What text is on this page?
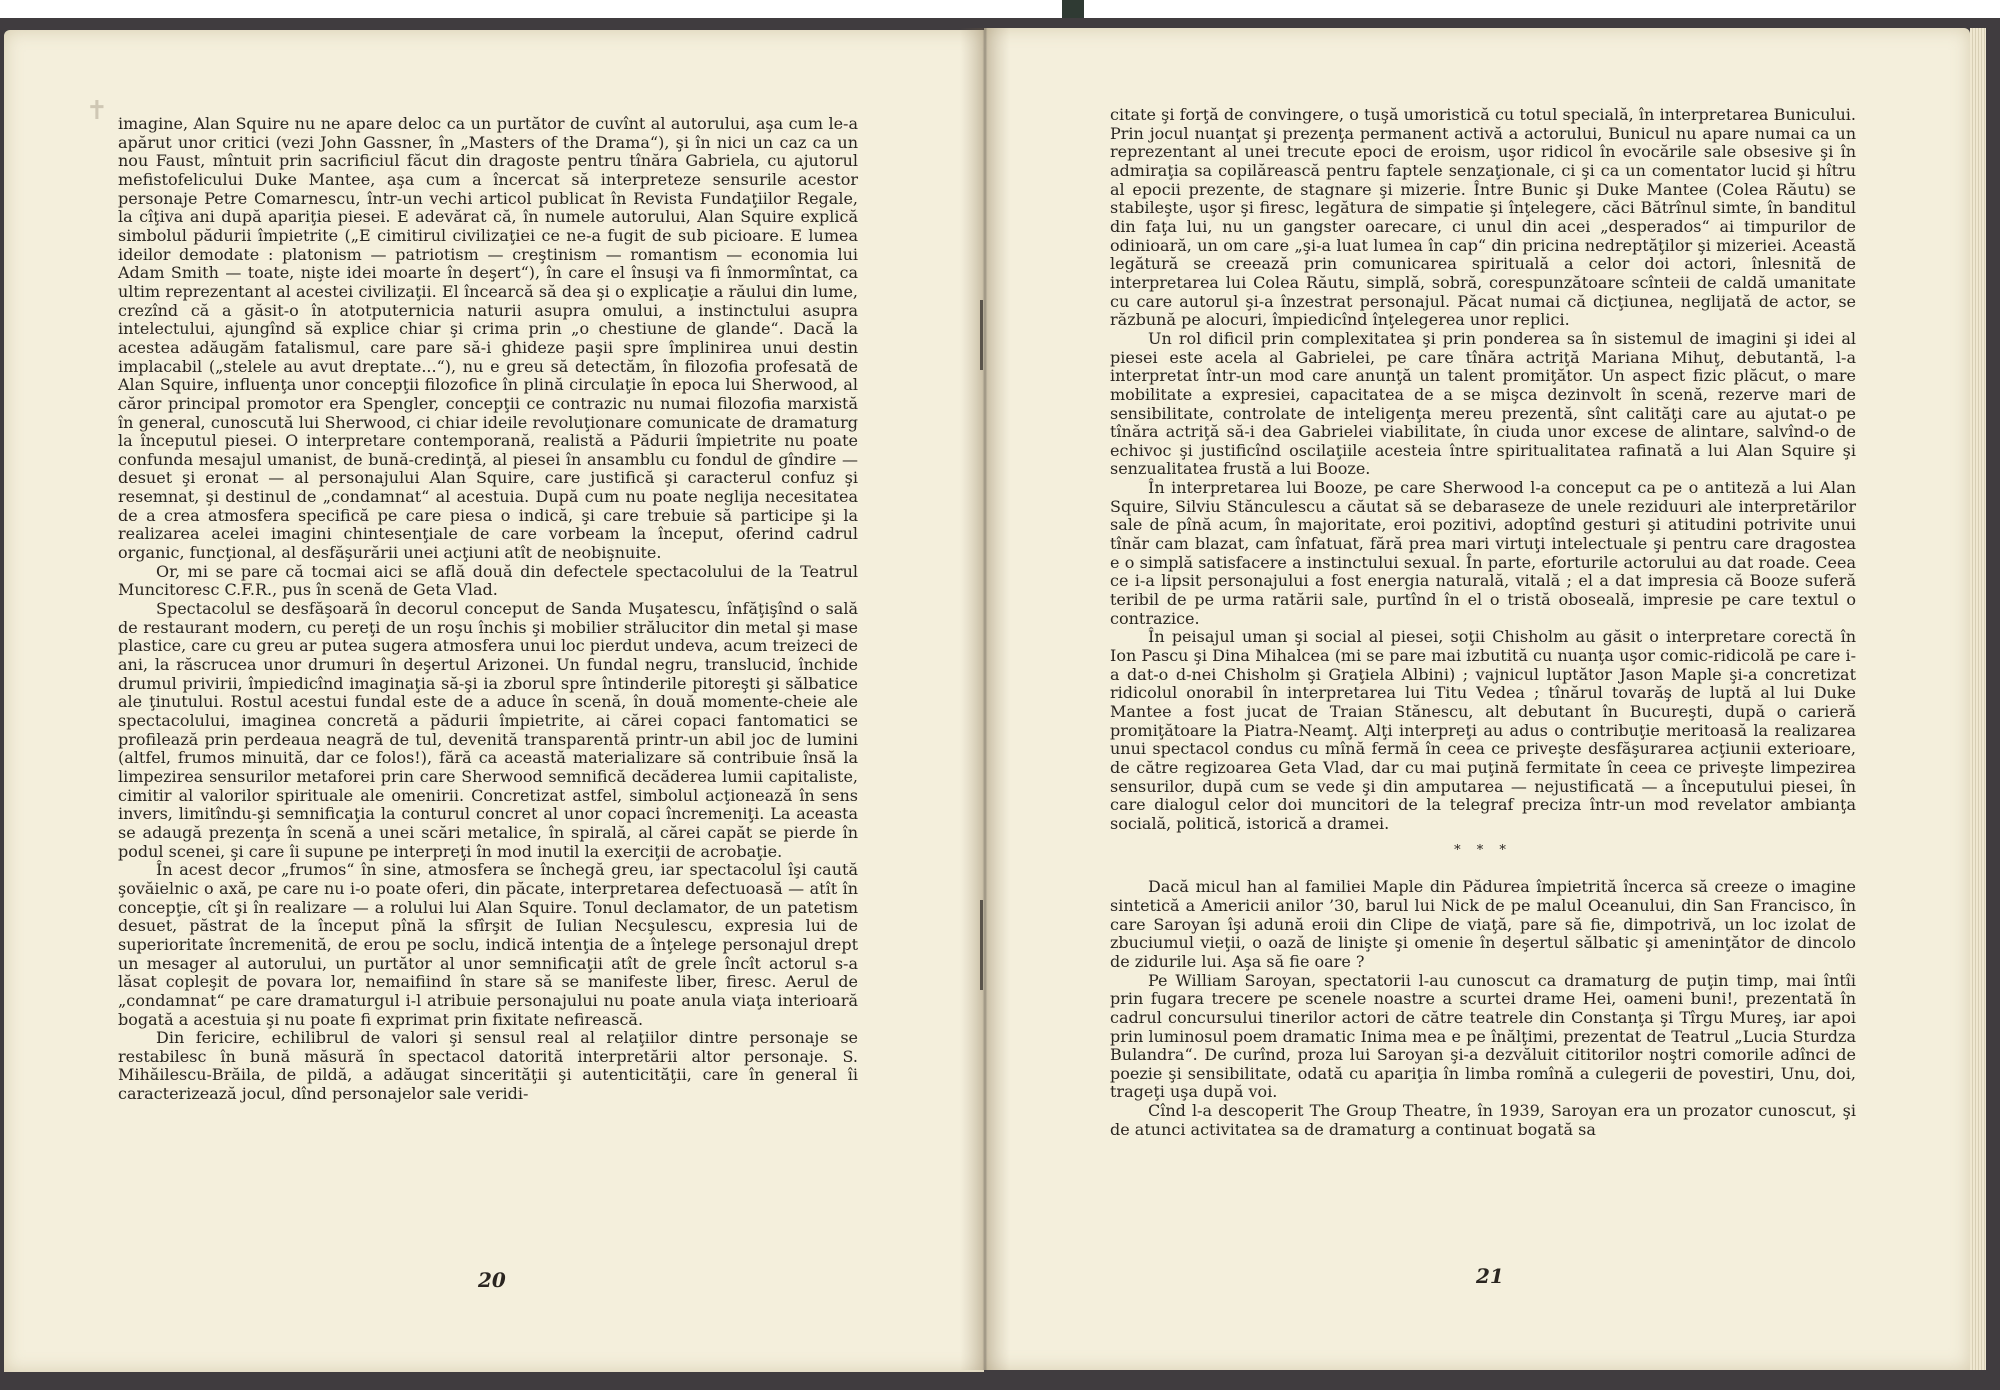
✝ imagine, Alan Squire nu ne apare deloc ca un purtător de cuvînt al autorului, aşa cum le-a apărut unor critici (vezi John Gassner, în „Masters of the Drama“), şi în nici un caz ca un nou Faust, mîntuit prin sacrificiul făcut din dragoste pentru tînăra Gabriela, cu ajutorul mefistofelicului Duke Mantee, aşa cum a încercat să interpreteze sensurile acestor personaje Petre Comarnescu, într-un vechi articol publicat în Revista Fundaţiilor Regale, la cîţiva ani după apariţia piesei. E adevărat că, în numele autorului, Alan Squire explică simbolul pădurii împietrite („E cimitirul civilizaţiei ce ne-a fugit de sub picioare. E lumea ideilor demodate : platonism — patriotism — creştinism — romantism — economia lui Adam Smith — toate, nişte idei moarte în deşert“), în care el însuşi va fi înmormîntat, ca ultim reprezentant al acestei civilizaţii. El încearcă să dea şi o explicaţie a răului din lume, crezînd că a găsit-o în atotputernicia naturii asupra omului, a instinctului asupra intelectului, ajungînd să explice chiar şi crima prin „o chestiune de glande“. Dacă la acestea adăugăm fatalismul, care pare să-i ghideze paşii spre împlinirea unui destin implacabil („stelele au avut dreptate...“), nu e greu să detectăm, în filozofia profesată de Alan Squire, influenţa unor concepţii filozofice în plină circulaţie în epoca lui Sherwood, al căror principal promotor era Spengler, concepţii ce contrazic nu numai filozofia marxistă în general, cunoscută lui Sherwood, ci chiar ideile revoluţionare comunicate de dramaturg la începutul piesei. O interpretare contemporană, realistă a Pădurii împietrite nu poate confunda mesajul umanist, de bună-credinţă, al piesei în ansamblu cu fondul de gîndire — desuet şi eronat — al personajului Alan Squire, care justifică şi caracterul confuz şi resemnat, şi destinul de „condamnat“ al acestuia. După cum nu poate neglija necesitatea de a crea atmosfera specifică pe care piesa o indică, şi care trebuie să participe şi la realizarea acelei imagini chintesenţiale de care vorbeam la început, oferind cadrul organic, funcţional, al desfăşurării unei acţiuni atît de neobişnuite.

Or, mi se pare că tocmai aici se află două din defectele spectacolului de la Teatrul Muncitoresc C.F.R., pus în scenă de Geta Vlad.

Spectacolul se desfăşoară în decorul conceput de Sanda Muşatescu, înfăţişînd o sală de restaurant modern, cu pereţi de un roşu închis şi mobilier strălucitor din metal şi mase plastice, care cu greu ar putea sugera atmosfera unui loc pierdut undeva, acum treizeci de ani, la răscrucea unor drumuri în deşertul Arizonei. Un fundal negru, translucid, închide drumul privirii, împiedicînd imaginaţia să-şi ia zborul spre întinderile pitoreşti şi sălbatice ale ţinutului. Rostul acestui fundal este de a aduce în scenă, în două momente-cheie ale spectacolului, imaginea concretă a pădurii împietrite, ai cărei copaci fantomatici se profilează prin perdeaua neagră de tul, devenită transparentă printr-un abil joc de lumini (altfel, frumos minuită, dar ce folos!), fără ca această materializare să contribuie însă la limpezirea sensurilor metaforei prin care Sherwood semnifică decăderea lumii capitaliste, cimitir al valorilor spirituale ale omenirii. Concretizat astfel, simbolul acţionează în sens invers, limitîndu-şi semnificaţia la conturul concret al unor copaci încremeniţi. La aceasta se adaugă prezenţa în scenă a unei scări metalice, în spirală, al cărei capăt se pierde în podul scenei, şi care îi supune pe interpreţi în mod inutil la exerciţii de acrobaţie.

În acest decor „frumos“ în sine, atmosfera se închegă greu, iar spectacolul îşi caută şovăielnic o axă, pe care nu i-o poate oferi, din păcate, interpretarea defectuoasă — atît în concepţie, cît şi în realizare — a rolului lui Alan Squire. Tonul declamator, de un patetism desuet, păstrat de la început pînă la sfîrşit de Iulian Necşulescu, expresia lui de superioritate încremenită, de erou pe soclu, indică intenţia de a înţelege personajul drept un mesager al autorului, un purtător al unor semnificaţii atît de grele încît actorul s-a lăsat copleşit de povara lor, nemaifiind în stare să se manifeste liber, firesc. Aerul de „condamnat“ pe care dramaturgul i-l atribuie personajului nu poate anula viaţa interioară bogată a acestuia şi nu poate fi exprimat prin fixitate nefirească.

Din fericire, echilibrul de valori şi sensul real al relaţiilor dintre personaje se restabilesc în bună măsură în spectacol datorită interpretării altor personaje. S. Mihăilescu-Brăila, de pildă, a adăugat sincerităţii şi autenticităţii, care în general îi caracterizează jocul, dînd personajelor sale veridi-

20

citate şi forţă de convingere, o tuşă umoristică cu totul specială, în interpretarea Bunicului. Prin jocul nuanţat şi prezenţa permanent activă a actorului, Bunicul nu apare numai ca un reprezentant al unei trecute epoci de eroism, uşor ridicol în evocările sale obsesive şi în admiraţia sa copilărească pentru faptele senzaţionale, ci şi ca un comentator lucid şi hîtru al epocii prezente, de stagnare şi mizerie. Între Bunic şi Duke Mantee (Colea Răutu) se stabileşte, uşor şi firesc, legătura de simpatie şi înţelegere, căci Bătrînul simte, în banditul din faţa lui, nu un gangster oarecare, ci unul din acei „desperados“ ai timpurilor de odinioară, un om care „şi-a luat lumea în cap“ din pricina nedreptăţilor şi mizeriei. Această legătură se creează prin comunicarea spirituală a celor doi actori, înlesnită de interpretarea lui Colea Răutu, simplă, sobră, corespunzătoare scînteii de caldă umanitate cu care autorul şi-a înzestrat personajul. Păcat numai că dicţiunea, neglijată de actor, se răzbună pe alocuri, împiedicînd înţelegerea unor replici.

Un rol dificil prin complexitatea şi prin ponderea sa în sistemul de imagini şi idei al piesei este acela al Gabrielei, pe care tînăra actriţă Mariana Mihuţ, debutantă, l-a interpretat într-un mod care anunţă un talent promiţător. Un aspect fizic plăcut, o mare mobilitate a expresiei, capacitatea de a se mişca dezinvolt în scenă, rezerve mari de sensibilitate, controlate de inteligenţa mereu prezentă, sînt calităţi care au ajutat-o pe tînăra actriţă să-i dea Gabrielei viabilitate, în ciuda unor excese de alintare, salvînd-o de echivoc şi justificînd oscilaţiile acesteia între spiritualitatea rafinată a lui Alan Squire şi senzualitatea frustă a lui Booze.

În interpretarea lui Booze, pe care Sherwood l-a conceput ca pe o antiteză a lui Alan Squire, Silviu Stănculescu a căutat să se debaraseze de unele reziduuri ale interpretărilor sale de pînă acum, în majoritate, eroi pozitivi, adoptînd gesturi şi atitudini potrivite unui tînăr cam blazat, cam înfatuat, fără prea mari virtuţi intelectuale şi pentru care dragostea e o simplă satisfacere a instinctului sexual. În parte, eforturile actorului au dat roade. Ceea ce i-a lipsit personajului a fost energia naturală, vitală ; el a dat impresia că Booze suferă teribil de pe urma ratării sale, purtînd în el o tristă oboseală, impresie pe care textul o contrazice.

În peisajul uman şi social al piesei, soţii Chisholm au găsit o interpretare corectă în Ion Pascu şi Dina Mihalcea (mi se pare mai izbutită cu nuanţa uşor comic-ridicolă pe care i-a dat-o d-nei Chisholm şi Graţiela Albini) ; vajnicul luptător Jason Maple şi-a concretizat ridicolul onorabil în interpretarea lui Titu Vedea ; tînărul tovarăş de luptă al lui Duke Mantee a fost jucat de Traian Stănescu, alt debutant în Bucureşti, după o carieră promiţătoare la Piatra-Neamţ. Alţi interpreţi au adus o contribuţie meritoasă la realizarea unui spectacol condus cu mînă fermă în ceea ce priveşte desfăşurarea acţiunii exterioare, de către regizoarea Geta Vlad, dar cu mai puţină fermitate în ceea ce priveşte limpezirea sensurilor, după cum se vede şi din amputarea — nejustificată — a începutului piesei, în care dialogul celor doi muncitori de la telegraf preciza într-un mod revelator ambianţa socială, politică, istorică a dramei.

* * *

Dacă micul han al familiei Maple din Pădurea împietrită încerca să creeze o imagine sintetică a Americii anilor ’30, barul lui Nick de pe malul Oceanului, din San Francisco, în care Saroyan îşi adună eroii din Clipe de viaţă, pare să fie, dimpotrivă, un loc izolat de zbuciumul vieţii, o oază de linişte şi omenie în deşertul sălbatic şi ameninţător de dincolo de zidurile lui. Aşa să fie oare ?

Pe William Saroyan, spectatorii l-au cunoscut ca dramaturg de puţin timp, mai întîi prin fugara trecere pe scenele noastre a scurtei drame Hei, oameni buni!, prezentată în cadrul concursului tinerilor actori de către teatrele din Constanţa şi Tîrgu Mureş, iar apoi prin luminosul poem dramatic Inima mea e pe înălţimi, prezentat de Teatrul „Lucia Sturdza Bulandra“. De curînd, proza lui Saroyan şi-a dezvăluit cititorilor noştri comorile adînci de poezie şi sensibilitate, odată cu apariţia în limba romînă a culegerii de povestiri, Unu, doi, trageţi uşa după voi.

Cînd l-a descoperit The Group Theatre, în 1939, Saroyan era un prozator cunoscut, şi de atunci activitatea sa de dramaturg a continuat bogată sa

21
